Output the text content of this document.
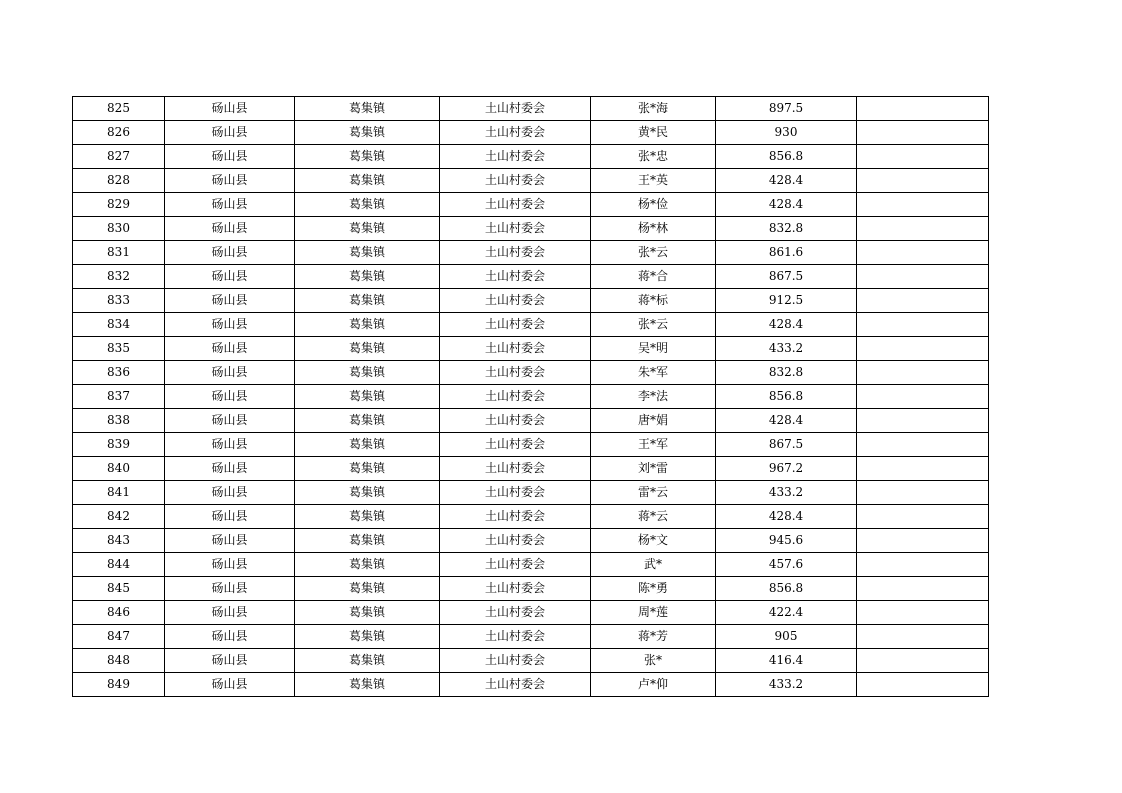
825	砀山县	葛集镇	土山村委会	张*海	897.5	
826	砀山县	葛集镇	土山村委会	黄*民	930	
827	砀山县	葛集镇	土山村委会	张*忠	856.8	
828	砀山县	葛集镇	土山村委会	王*英	428.4	
829	砀山县	葛集镇	土山村委会	杨*俭	428.4	
830	砀山县	葛集镇	土山村委会	杨*林	832.8	
831	砀山县	葛集镇	土山村委会	张*云	861.6	
832	砀山县	葛集镇	土山村委会	蒋*合	867.5	
833	砀山县	葛集镇	土山村委会	蒋*标	912.5	
834	砀山县	葛集镇	土山村委会	张*云	428.4	
835	砀山县	葛集镇	土山村委会	吴*明	433.2	
836	砀山县	葛集镇	土山村委会	朱*军	832.8	
837	砀山县	葛集镇	土山村委会	李*法	856.8	
838	砀山县	葛集镇	土山村委会	唐*娟	428.4	
839	砀山县	葛集镇	土山村委会	王*军	867.5	
840	砀山县	葛集镇	土山村委会	刘*雷	967.2	
841	砀山县	葛集镇	土山村委会	雷*云	433.2	
842	砀山县	葛集镇	土山村委会	蒋*云	428.4	
843	砀山县	葛集镇	土山村委会	杨*文	945.6	
844	砀山县	葛集镇	土山村委会	武*	457.6	
845	砀山县	葛集镇	土山村委会	陈*勇	856.8	
846	砀山县	葛集镇	土山村委会	周*莲	422.4	
847	砀山县	葛集镇	土山村委会	蒋*芳	905	
848	砀山县	葛集镇	土山村委会	张*	416.4	
849	砀山县	葛集镇	土山村委会	卢*仰	433.2	
